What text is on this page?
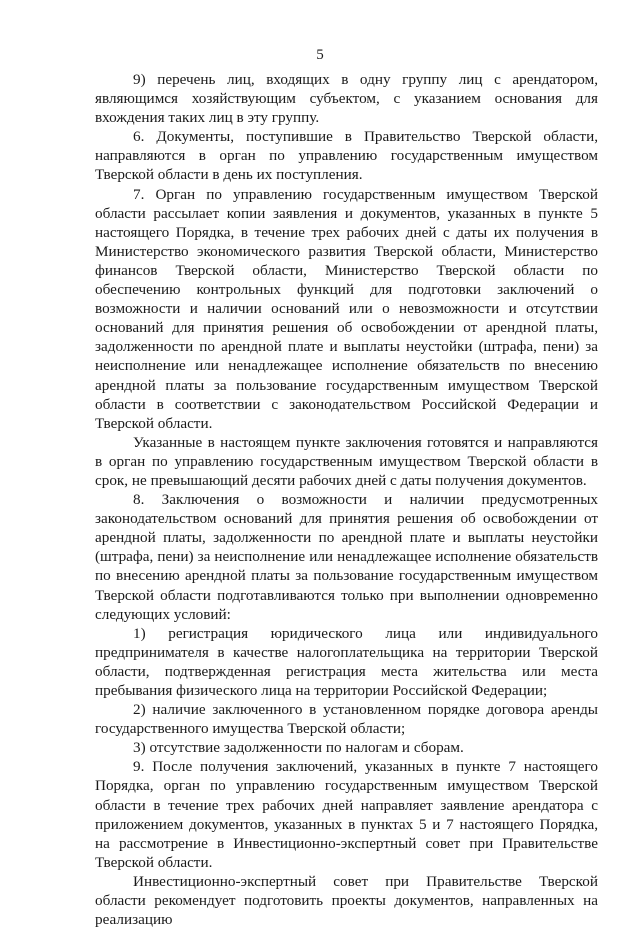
5

9) перечень лиц, входящих в одну группу лиц с арендатором, являющимся хозяйствующим субъектом, с указанием основания для вхождения таких лиц в эту группу.

6. Документы, поступившие в Правительство Тверской области, направляются в орган по управлению государственным имуществом Тверской области в день их поступления.

7. Орган по управлению государственным имуществом Тверской области рассылает копии заявления и документов, указанных в пункте 5 настоящего Порядка, в течение трех рабочих дней с даты их получения в Министерство экономического развития Тверской области, Министерство финансов Тверской области, Министерство Тверской области по обеспечению контрольных функций для подготовки заключений о возможности и наличии оснований или о невозможности и отсутствии оснований для принятия решения об освобождении от арендной платы, задолженности по арендной плате и выплаты неустойки (штрафа, пени) за неисполнение или ненадлежащее исполнение обязательств по внесению арендной платы за пользование государственным имуществом Тверской области в соответствии с законодательством Российской Федерации и Тверской области.

Указанные в настоящем пункте заключения готовятся и направляются в орган по управлению государственным имуществом Тверской области в срок, не превышающий десяти рабочих дней с даты получения документов.

8. Заключения о возможности и наличии предусмотренных законодательством оснований для принятия решения об освобождении от арендной платы, задолженности по арендной плате и выплаты неустойки (штрафа, пени) за неисполнение или ненадлежащее исполнение обязательств по внесению арендной платы за пользование государственным имуществом Тверской области подготавливаются только при выполнении одновременно следующих условий:

1) регистрация юридического лица или индивидуального предпринимателя в качестве налогоплательщика на территории Тверской области, подтвержденная регистрация места жительства или места пребывания физического лица на территории Российской Федерации;

2) наличие заключенного в установленном порядке договора аренды государственного имущества Тверской области;

3) отсутствие задолженности по налогам и сборам.

9. После получения заключений, указанных в пункте 7 настоящего Порядка, орган по управлению государственным имуществом Тверской области в течение трех рабочих дней направляет заявление арендатора с приложением документов, указанных в пунктах 5 и 7 настоящего Порядка, на рассмотрение в Инвестиционно-экспертный совет при Правительстве Тверской области.

Инвестиционно-экспертный совет при Правительстве Тверской области рекомендует подготовить проекты документов, направленных на реализацию
